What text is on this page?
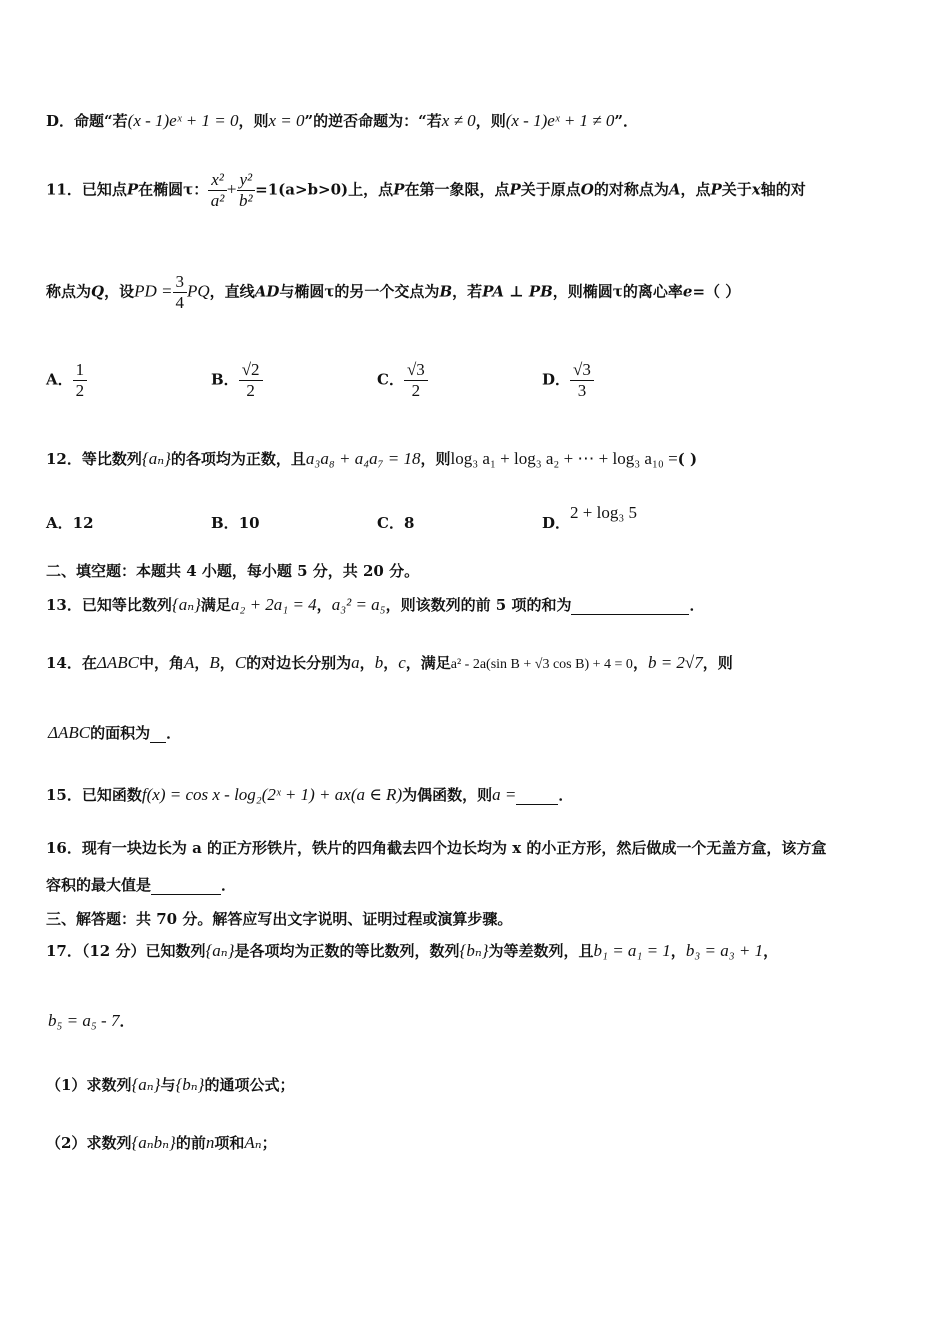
D．命题“若(x - 1)eˣ + 1 = 0，则x = 0”的逆否命题为：“若x ≠ 0，则(x - 1)eˣ + 1 ≠ 0”．
11．已知点P在椭圆τ： $\frac{\text{x²}}{\text{a²}} + \frac{\text{y²}}{\text{b²}} =1(a>b>0)$上，点P在第一象限，点P关于原点O的对称点为A，点P关于x轴的对
称点为Q，设PD = $\frac{3}{4}$ PQ，直线AD与椭圆τ的另一个交点为B，若PA ⊥ PB，则椭圆τ的离心率e=（ ）
A． $\frac{1}{2}$	B． $\frac{√2}{2}$	C． $\frac{√3}{2}$	D． $\frac{√3}{3}$
12．等比数列{aₙ}的各项均为正数，且a₃a₈ + a₄a₇ = 18，则log₃ a₁ + log₃ a₂ + ⋯ + log₃ a₁₀ =( )
A．12	B．10	C．8	D．2 + log₃ 5
二、填空题：本题共 4 小题，每小题 5 分，共 20 分。
13．已知等比数列{aₙ}满足a₂ + 2a₁ = 4，a₃² = a₅，则该数列的前 5 项的和为	．
14．在ΔABC中，角A，B，C的对边长分别为a，b，c，满足a² - 2a(sin B + √3 cos B) + 4 = 0，b = 2√7，则
ΔABC的面积为 ．
15．已知函数f(x) = cos x - log₂(2ˣ + 1) + ax(a ∈ R)为偶函数，则a =	．
16．现有一块边长为 a 的正方形铁片，铁片的四角截去四个边长均为 x 的小正方形，然后做成一个无盖方盒，该方盒
容积的最大值是	．
三、解答题：共 70 分。解答应写出文字说明、证明过程或演算步骤。
17．（12 分）已知数列{aₙ}是各项均为正数的等比数列，数列{bₙ}为等差数列，且b₁ = a₁ = 1，b₃ = a₃ + 1，
b₅ = a₅ - 7．
（1）求数列{aₙ}与{bₙ}的通项公式；
（2）求数列{aₙbₙ}的前n项和Aₙ；
